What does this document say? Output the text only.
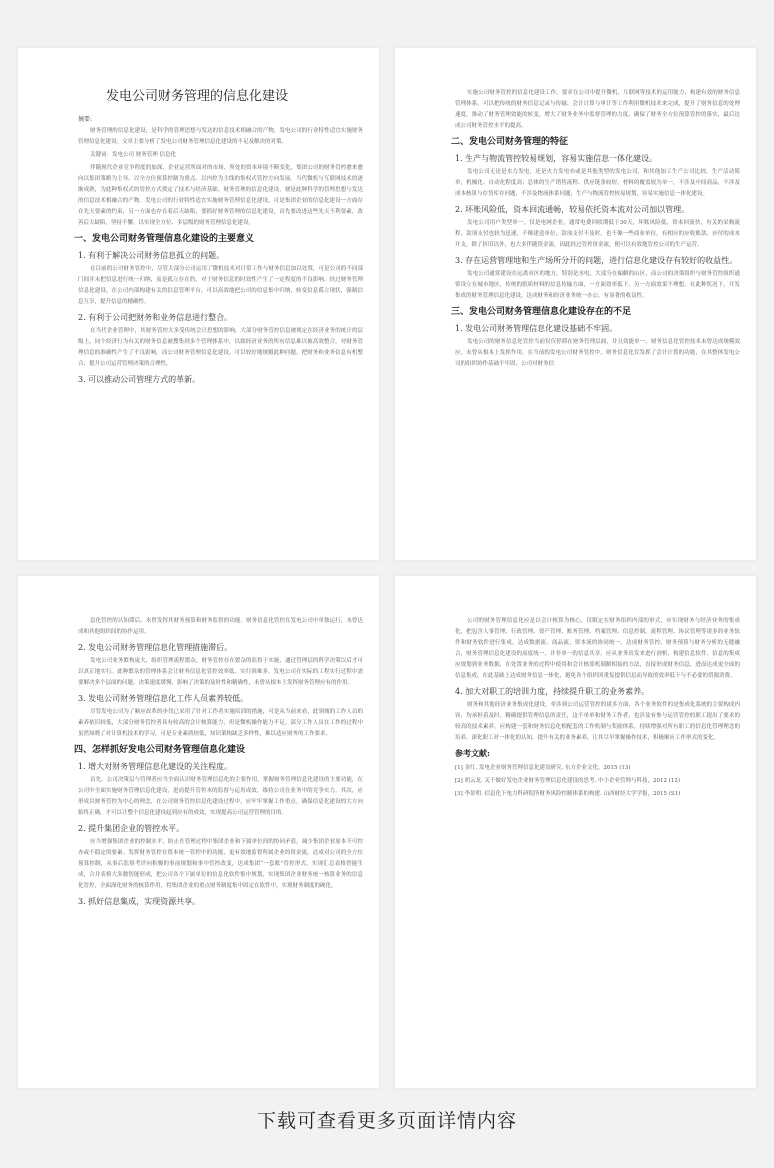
发电公司财务管理的信息化建设

摘要:

财务管理的信息化建设，是科学的管理思想与发达的信息技术相融合的产物。发电公司的行业特性适宜实施财务管理信息化建设。文章主要分析了发电公司财务管理信息化建设的不足及解决的对策。

关键词：发电公司 财务管理 信息化

伴随现代企业竞争程度的加深，企业运营所面对的市场、所处的资本环境不断变化，集团公司的财务管控愈来愈向以集团策略为主导、以全方位预算控制为重点、以内控为主线的集权式管控方向发展。当代微机与互联网技术的逐渐成熟，为此种集权式的管控方式奠定了技术与经济基础。财务管理的信息化建设，便是此种科学的管理思想与发达的信息技术相融合的产物。发电公司的行业特性适宜实施财务管理信息化建设，可是集团企业的信息化建设一方面存在先天要素的约束，另一方面也存在着后天缺陷，要抓好财务管理的信息化建设，首先要改进这些先天不利要素，改善后天缺陷，坚持不懈，以实现全方位、多层级的财务管理信息化建设。

一、发电公司财务管理信息化建设的主要意义
1. 有利于解决公司财务信息孤立的问题。

在目前的公司财务管控中，尽管大部分公司运用了微机技术对日常工作与财务信息加以处置，可是公司的不同部门间并未把信息进行统一归纳，而是孤立存在的，对于财务信息的时效性产生了一定程度的不良影响。经过财务管理信息化建设，在公司内部构建有关的信息管理平台，可以高效地把公司的信息集中归纳，转变信息孤立现状，强制信息互享，提升信息的精确性。

2. 有利于公司把财务和业务信息进行整合。

在当代企业管理中，其财务管控大多受传统会计思想的影响，大部分财务管控信息被规定在经济业务的统计的层级上，同个经济行为有关的财务信息被搜集到多个管理体系中，以致经济业务的所有信息难以被高效整合。对财务管理信息的准确性产生了不良影响。而公司财务管理信息化建设，可以较好地规避此种问题，把财务和业务信息有机整合，提升公司运营管理决策的合理性。

3. 可以推动公司管理方式的革新。

实施公司财务管控的信息化建设工作，要求在公司中提升微机、互联网等技术的运用能力，构建有效的财务信息管理体系，可以把传统的财务信息记录与传输、会计计算与审计等工作利用微机技术来完成，提升了财务信息的处理速度，推动了财务管理效能的转变，增大了财务业务中监督管理的力度，确保了财务全方位预算管控的落实，最后达成公司财务管控水平的提高。

二、发电公司财务管理的特征
1. 生产与物流管控较易规划，容易实施信息一体化建设。

发电公司无论是水力发电，还是火力发电亦或是其他类型的发电公司，和其他加工生产公司比较，生产活动简单，机械化、自动化程度高；总体的生产销售流程、供应链条较短，材料的覆盖较为单一，不涉及中间商品，不涉及成本核算与存货库存问题，不涉及物流体系问题；生产与物流管控较易规划，容易实施信息一体化建设。

2. 坏账风险低，资本回流通畅，较易依托资本流对公司加以管理。

发电公司用户类型单一，仅是电网企业，通常电费回收期低于30天，坏账风险低，资本回流快，有关的采购流程、款项支付也较为迅速，不像建造单位，款项支付不及时。也不像一些商业单位，有相应的应收账款、应付的成本开支，除了折旧以外，也大多伴随资金流，因此经过管控资金流，便可以有效地管控公司的生产运营。

3. 存在运营管理地和生产场所分开的问题，进行信息化建设存有较好的收益性。

发电公司通常建设在远离市区的地方，特别是水电，大部分在偏僻的山区，而公司的决策组织与财务管控组织通常设立在城市地区，传统的纸质材料的信息传输方面，一方面效率低下，另一方面效果不理想，在此种状况下，开发集成的财务管理信息化建设，达成财务和经济业务统一办公，有显著的收益性。

三、发电公司财务管理信息化建设存在的不足
1. 发电公司财务管理信息化建设基础不牢固。

发电公司的财务信息化管控当前仅仅停滞在财务管理层面，并且效能单一。财务信息化管控技术未曾达成规模效应，未曾从根本上发挥作用。在当前的发电公司财务管控中，财务信息化仅发挥了会计计算的功能，在其整体发电公司的组织协作基础不牢固，公司对财务信

息化管控的认知滞后，未曾发挥其财务预算和财务监督的功能。财务信息化管控在发电公司中单独运行，未曾达成和其他组织间的协作运用。

2. 发电公司财务管理信息化管理措施滞后。

发电公司业务繁构庞大，组织管理流程繁杂，财务管控存在繁杂的监督于实施，通过管理层的科学决策以后才可以真正地实行。此种繁杂的管理体系会让财务信息化管控效率低。实行困难多，发电公司在实际的工程实行过程中需要解决多个层面的问题，决策速度缓慢，影响了决策的及时性和精确性，未曾从根本上发挥财务管理应有的作用。

3. 发电公司财务管理信息化工作人员素养较低。

尽管发电公司为了顺应改革的步伐已采用了针对工作者实施培训的措施，可是从当前来看，此领域的工作人员的素养依旧较低，大部分财务管控者具有较高的会计核算能力，但是微机操作能力不足，部分工作人员在工作的过程中虽然知晓了对计算机技术的学习，可是专业素质较低，知识架构缺乏多样性，难以适应财务的工作要求。

四、怎样抓好发电公司财务管理信息化建设
1. 增大对财务管理信息化建设的关注程度。

首先，公司决策层与管理者应当全面认识财务管理信息化的主要作用，掌握财务管理信息化建设的主要功能，在公司中全面实施财务管理信息化建设，进而提升管控本的监督与运用成效，维持公司在业务中的竞争实力。其次，应形成以财务管控为中心的理念，在公司财务管控信息化建设过程中，应牢牢掌握工作重点，确保信息化建设的大方向始终正确，才可以让整个信息化建设起到应有的成效，实现提高公司运营管理的目的。

2. 提升集团企业的管控水平。

应当增强集团企业的控制水平，防止在管理过程中集团企业和下属单位间的协同矛盾，减少集团企业原本不可控亦或不稳定的要素。发挥财务管控在资本统一管控中的功能，更有效地监督所属企业的资金流，达成对公司的全方位预算控制，从事后监察考评向积极的事前规划和事中管控改变，达成集团“一套账”管控形式，实现汇总表格智能生成，合并表格大多数智能形成，把公司各个下属单位的信息化软件集中规划，实现集团企业财务统一核算业务的信息化管控，全面深化财务的核算作用，将集团企业的重点财务制度集中固定在软件中，实现财务制度的硬化。

3. 抓好信息集成，实现资源共享。

公司的财务管理信息化应是以会计核算为核心，仅限定在财务组织内部的形式，应实现财务与经济业务的集成化，把包含人事管理、行政管理、资产管理、账务管理、档案管理、信息控制、流程管理、协议管理等诸多的业务软件和财务软件进行集成，达成数据流、商品流、资本流的协同统一，达成财务管控、财务预算与财务分析的无缝融合，财务管理信息化建设的高度统一，并非单一的信息共享。应从业务出发来进行剖析，构建信息软件。信息的集成应规划到业务数据，在处置业务的过程中使用和会计核算机制制相接的方法，直接形成财务信息，进而达成更全面的信息集成，在此基础上达成财务信息一体化，避免各个组织因重复提供信息而导致的效率低下与不必要的资源消费。

4. 加大对职工的培训力度，持续提升职工的业务素养。

财务和其他经济业务集成化建设，牵涉到公司运营管控的诸多方面，各个业务软件的是集成化系统的主要构成内容，均承担着及时、精确提供管理信息的责任，这不单单和财务工作者，也涉及有参与运营管控的职工提出了要求的较高的技术素养，应构建一套和财务信息化相配套的工作机制与奖励体系，持续增强对所有职工的信息化管理理念的培养，深化职工对一体化的认知，提升有关的业务素养，让其尽早掌握操作技术，积极顺应工作形式的变化。

参考文献:

[1] 金红. 发电企业财务管理信息化建设研究. 东方企业文化，2015 (13)

[2] 胡云龙. 关于做好发电企业财务管理信息化建设的思考. 中小企业管理与科技，2012 (12)

[3] 李景明. 信息化下电力科研院所财务风险控制体系的构建. 山西财经大学学报，2015 (S1)

下载可查看更多页面详情内容
